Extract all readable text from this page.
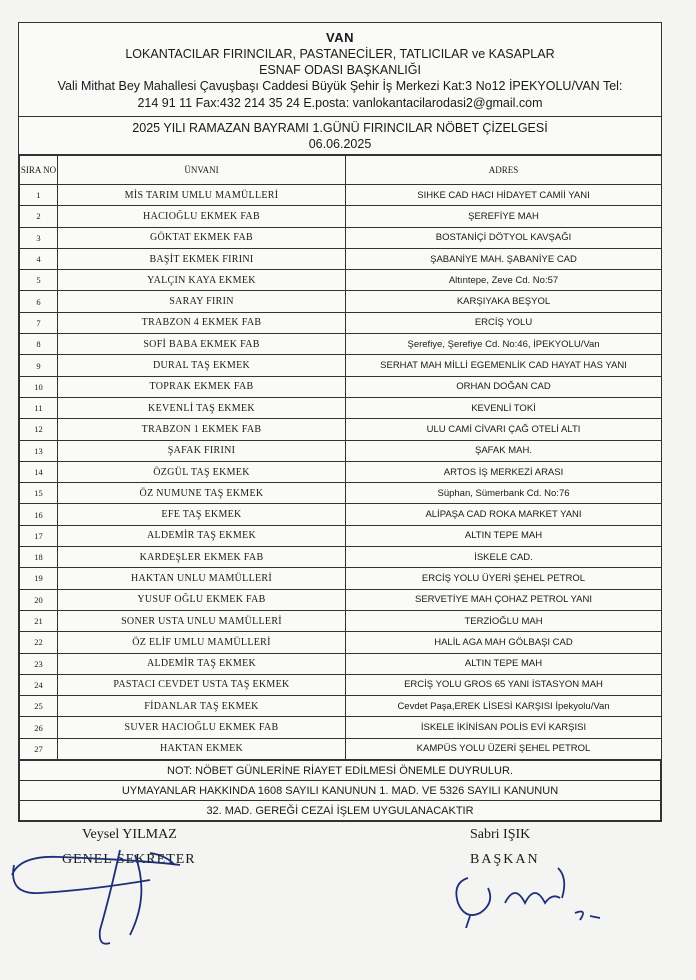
VAN
LOKANTACILAR FIRINCILAR, PASTANECİLER, TATLICILAR ve KASAPLAR
ESNAF ODASI BAŞKANLIĞI
Vali Mithat Bey Mahallesi Çavuşbaşı Caddesi Büyük Şehir İş Merkezi Kat:3 No12 İPEKYOLU/VAN Tel:
214 91 11 Fax:432 214 35 24 E.posta: vanlokantacilarodasi2@gmail.com
2025 YILI RAMAZAN BAYRAMI 1.GÜNÜ FIRINCILAR NÖBET ÇİZELGESİ
06.06.2025
SIRA NO	ÜNVANI	ADRES
1	MİS TARIM UMLU MAMÜLLERİ	SIHKE CAD HACI HİDAYET CAMİİ YANI
2	HACIOĞLU EKMEK FAB	ŞEREFİYE MAH
3	GÖKTAT EKMEK FAB	BOSTANİÇİ DÖTYOL KAVŞAĞI
4	BAŞİT EKMEK FIRINI	ŞABANİYE MAH. ŞABANİYE CAD
5	YALÇIN KAYA EKMEK	Altıntepe, Zeve Cd. No:57
6	SARAY FIRIN	KARŞIYAKA BEŞYOL
7	TRABZON 4 EKMEK FAB	ERCİŞ YOLU
8	SOFİ BABA EKMEK FAB	Şerefiye, Şerefiye Cd. No:46, İPEKYOLU/Van
9	DURAL TAŞ EKMEK	SERHAT MAH MİLLİ EGEMENLİK CAD HAYAT HAS YANI
10	TOPRAK EKMEK FAB	ORHAN DOĞAN CAD
11	KEVENLİ TAŞ EKMEK	KEVENLİ TOKİ
12	TRABZON 1 EKMEK FAB	ULU CAMİ CİVARI ÇAĞ OTELİ ALTI
13	ŞAFAK FIRINI	ŞAFAK MAH.
14	ÖZGÜL TAŞ EKMEK	ARTOS İŞ MERKEZİ ARASI
15	ÖZ NUMUNE TAŞ EKMEK	Süphan, Sümerbank Cd. No:76
16	EFE TAŞ EKMEK	ALİPAŞA CAD ROKA MARKET YANI
17	ALDEMİR TAŞ EKMEK	ALTIN TEPE MAH
18	KARDEŞLER EKMEK FAB	İSKELE CAD.
19	HAKTAN UNLU MAMÜLLERİ	ERCİŞ YOLU ÜYERİ ŞEHEL PETROL
20	YUSUF OĞLU EKMEK FAB	SERVETİYE MAH ÇOHAZ PETROL YANI
21	SONER USTA UNLU MAMÜLLERİ	TERZİOĞLU MAH
22	ÖZ ELİF UMLU MAMÜLLERİ	HALİL AGA MAH GÖLBAŞI CAD
23	ALDEMİR TAŞ EKMEK	ALTIN TEPE MAH
24	PASTACI CEVDET USTA TAŞ EKMEK	ERCİŞ YOLU GROS 65 YANI İSTASYON MAH
25	FİDANLAR TAŞ EKMEK	Cevdet Paşa,EREK LİSESİ KARŞISI İpekyolu/Van
26	SUVER HACIOĞLU EKMEK FAB	İSKELE İKİNİSAN POLİS EVİ KARŞISI
27	HAKTAN EKMEK	KAMPÜS YOLU ÜZERİ ŞEHEL PETROL
NOT: NÖBET GÜNLERİNE RİAYET EDİLMESİ ÖNEMLE DUYRULUR.
UYMAYANLAR HAKKINDA 1608 SAYILI KANUNUN 1. MAD. VE 5326 SAYILI KANUNUN
32. MAD. GEREĞİ CEZAİ İŞLEM UYGULANACAKTIR
Veysel YILMAZ
GENEL SEKRETER
Sabri IŞIK
BAŞKAN
